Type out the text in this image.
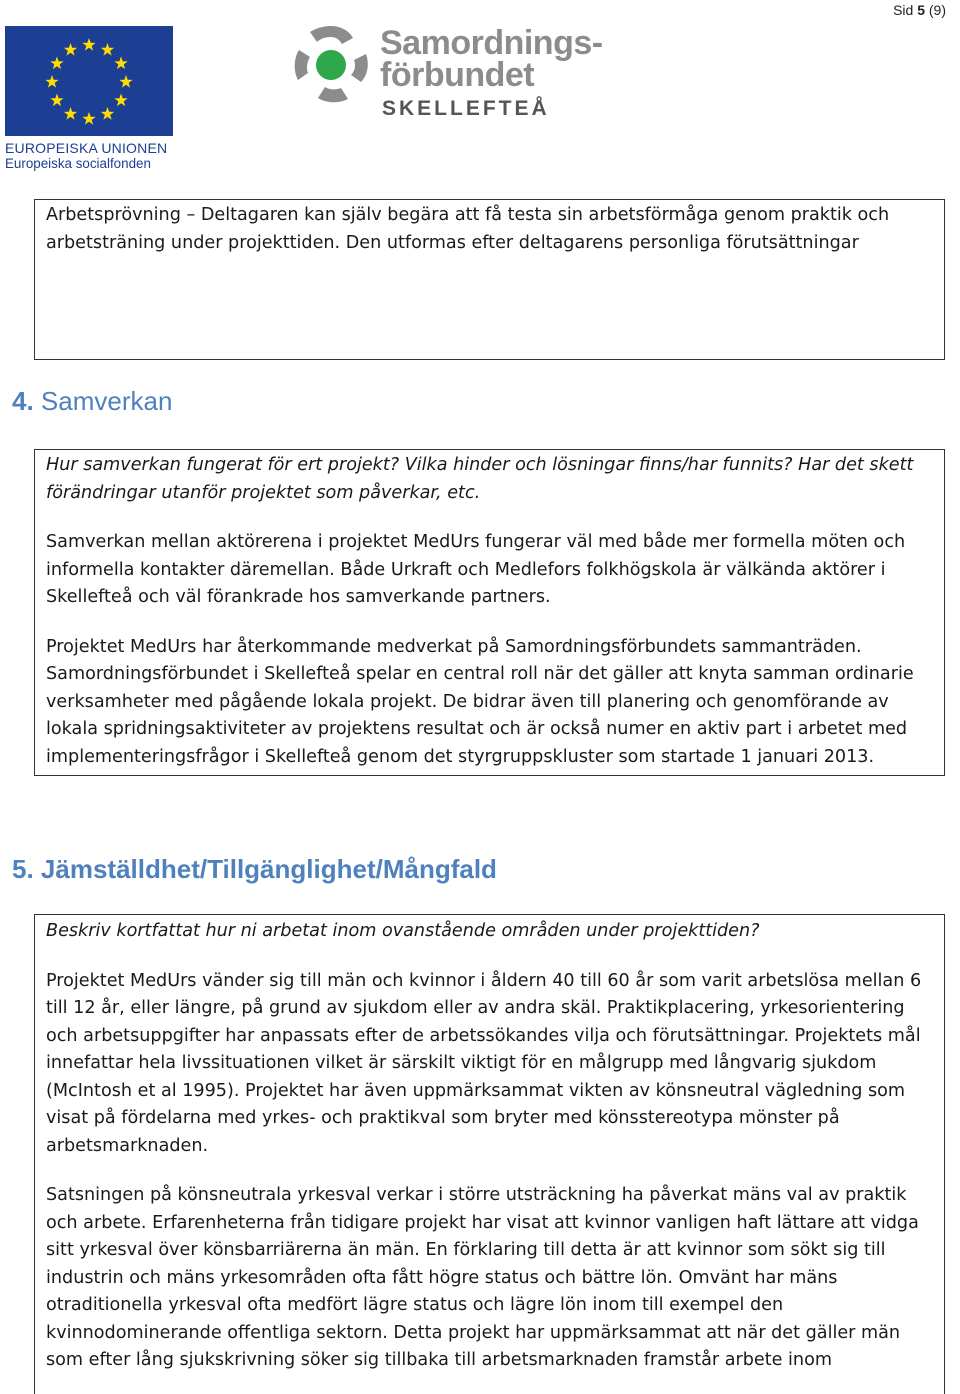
Sid 5 (9)
EUROPEISKA UNIONEN
Europeiska socialfonden
Samordnings-
förbundet
SKELLEFTEÅ

Arbetsprövning – Deltagaren kan själv begära att få testa sin arbetsförmåga genom praktik och arbetsträning under projekttiden. Den utformas efter deltagarens personliga förutsättningar

4. Samverkan

Hur samverkan fungerat för ert projekt? Vilka hinder och lösningar finns/har funnits? Har det skett förändringar utanför projektet som påverkar, etc.

Samverkan mellan aktörerena i projektet MedUrs fungerar väl med både mer formella möten och informella kontakter däremellan. Både Urkraft och Medlefors folkhögskola är välkända aktörer i Skellefteå och väl förankrade hos samverkande partners.

Projektet MedUrs har återkommande medverkat på Samordningsförbundets sammanträden. Samordningsförbundet i Skellefteå spelar en central roll när det gäller att knyta samman ordinarie verksamheter med pågående lokala projekt. De bidrar även till planering och genomförande av lokala spridningsaktiviteter av projektens resultat och är också numer en aktiv part i arbetet med implementeringsfrågor i Skellefteå genom det styrgruppskluster som startade 1 januari 2013.

5. Jämställdhet/Tillgänglighet/Mångfald

Beskriv kortfattat hur ni arbetat inom ovanstående områden under projekttiden?

Projektet MedUrs vänder sig till män och kvinnor i åldern 40 till 60 år som varit arbetslösa mellan 6 till 12 år, eller längre, på grund av sjukdom eller av andra skäl. Praktikplacering, yrkesorientering och arbetsuppgifter har anpassats efter de arbetssökandes vilja och förutsättningar. Projektets mål innefattar hela livssituationen vilket är särskilt viktigt för en målgrupp med långvarig sjukdom (McIntosh et al 1995). Projektet har även uppmärksammat vikten av könsneutral vägledning som visat på fördelarna med yrkes- och praktikval som bryter med könsstereotypa mönster på arbetsmarknaden.

Satsningen på könsneutrala yrkesval verkar i större utsträckning ha påverkat mäns val av praktik och arbete. Erfarenheterna från tidigare projekt har visat att kvinnor vanligen haft lättare att vidga sitt yrkesval över könsbarriärerna än män. En förklaring till detta är att kvinnor som sökt sig till industrin och mäns yrkesområden ofta fått högre status och bättre lön. Omvänt har mäns otraditionella yrkesval ofta medfört lägre status och lägre lön inom till exempel den kvinnodominerande offentliga sektorn. Detta projekt har uppmärksammat att när det gäller män som efter lång sjukskrivning söker sig tillbaka till arbetsmarknaden framstår arbete inom
